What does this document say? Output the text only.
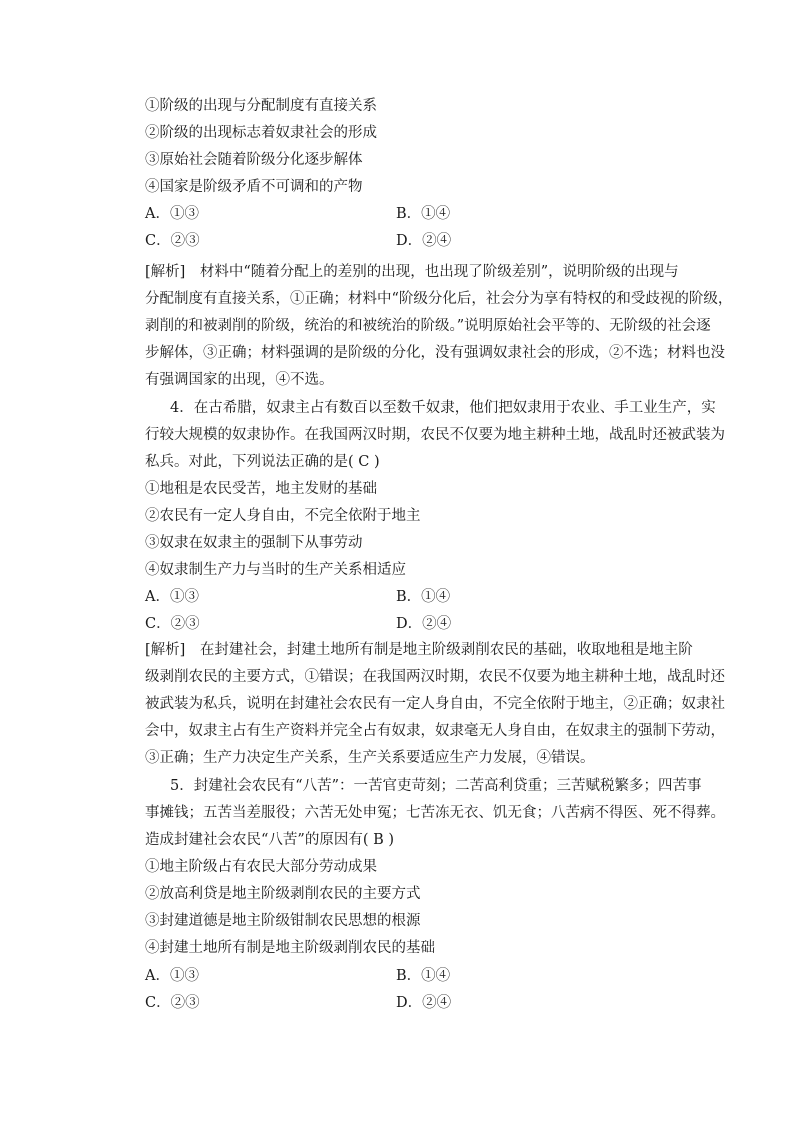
①阶级的出现与分配制度有直接关系
②阶级的出现标志着奴隶社会的形成
③原始社会随着阶级分化逐步解体
④国家是阶级矛盾不可调和的产物
A．①③	B．①④
C．②③	D．②④
[解析]　材料中“随着分配上的差别的出现，也出现了阶级差别”，说明阶级的出现与
分配制度有直接关系，①正确；材料中“阶级分化后，社会分为享有特权的和受歧视的阶级，
剥削的和被剥削的阶级，统治的和被统治的阶级。”说明原始社会平等的、无阶级的社会逐
步解体，③正确；材料强调的是阶级的分化，没有强调奴隶社会的形成，②不选；材料也没
有强调国家的出现，④不选。
4．在古希腊，奴隶主占有数百以至数千奴隶，他们把奴隶用于农业、手工业生产，实
行较大规模的奴隶协作。在我国两汉时期，农民不仅要为地主耕种土地，战乱时还被武装为
私兵。对此，下列说法正确的是( C )
①地租是农民受苦，地主发财的基础
②农民有一定人身自由，不完全依附于地主
③奴隶在奴隶主的强制下从事劳动
④奴隶制生产力与当时的生产关系相适应
A．①③	B．①④
C．②③	D．②④
[解析]　在封建社会，封建土地所有制是地主阶级剥削农民的基础，收取地租是地主阶
级剥削农民的主要方式，①错误；在我国两汉时期，农民不仅要为地主耕种土地，战乱时还
被武装为私兵，说明在封建社会农民有一定人身自由，不完全依附于地主，②正确；奴隶社
会中，奴隶主占有生产资料并完全占有奴隶，奴隶毫无人身自由，在奴隶主的强制下劳动，
③正确；生产力决定生产关系，生产关系要适应生产力发展，④错误。
5．封建社会农民有“八苦”：一苦官吏苛刻；二苦高利贷重；三苦赋税繁多；四苦事
事摊钱；五苦当差服役；六苦无处申冤；七苦冻无衣、饥无食；八苦病不得医、死不得葬。
造成封建社会农民“八苦”的原因有( B )
①地主阶级占有农民大部分劳动成果
②放高利贷是地主阶级剥削农民的主要方式
③封建道德是地主阶级钳制农民思想的根源
④封建土地所有制是地主阶级剥削农民的基础
A．①③	B．①④
C．②③	D．②④
